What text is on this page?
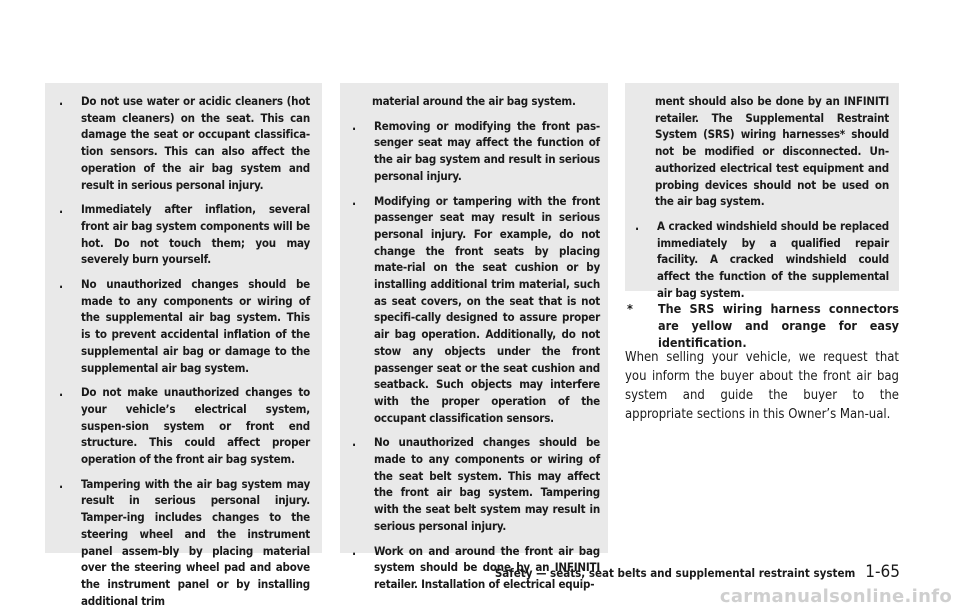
.	Do not use water or acidic cleaners (hot steam cleaners) on the seat. This can damage the seat or occupant classifica-tion sensors. This can also affect the operation of the air bag system and result in serious personal injury.
.	Immediately after inflation, several front air bag system components will be hot. Do not touch them; you may severely burn yourself.
.	No unauthorized changes should be made to any components or wiring of the supplemental air bag system. This is to prevent accidental inflation of the supplemental air bag or damage to the supplemental air bag system.
.	Do not make unauthorized changes to your vehicle’s electrical system, suspen-sion system or front end structure. This could affect proper operation of the front air bag system.
.	Tampering with the air bag system may result in serious personal injury. Tamper-ing includes changes to the steering wheel and the instrument panel assem-bly by placing material over the steering wheel pad and above the instrument panel or by installing additional trim
material around the air bag system.
.	Removing or modifying the front pas-senger seat may affect the function of the air bag system and result in serious personal injury.
.	Modifying or tampering with the front passenger seat may result in serious personal injury. For example, do not change the front seats by placing mate-rial on the seat cushion or by installing additional trim material, such as seat covers, on the seat that is not specifi-cally designed to assure proper air bag operation. Additionally, do not stow any objects under the front passenger seat or the seat cushion and seatback. Such objects may interfere with the proper operation of the occupant classification sensors.
.	No unauthorized changes should be made to any components or wiring of the seat belt system. This may affect the front air bag system. Tampering with the seat belt system may result in serious personal injury.
.	Work on and around the front air bag system should be done by an INFINITI retailer. Installation of electrical equip-
ment should also be done by an INFINITI retailer. The Supplemental Restraint System (SRS) wiring harnesses* should not be modified or disconnected. Un-authorized electrical test equipment and probing devices should not be used on the air bag system.
.	A cracked windshield should be replaced immediately by a qualified repair facility. A cracked windshield could affect the function of the supplemental air bag system.
*	The SRS wiring harness connectors are yellow and orange for easy identification.
When selling your vehicle, we request that you inform the buyer about the front air bag system and guide the buyer to the appropriate sections in this Owner’s Man-ual.
Safety — seats, seat belts and supplemental restraint system 1-65
carmanualsonline.info
